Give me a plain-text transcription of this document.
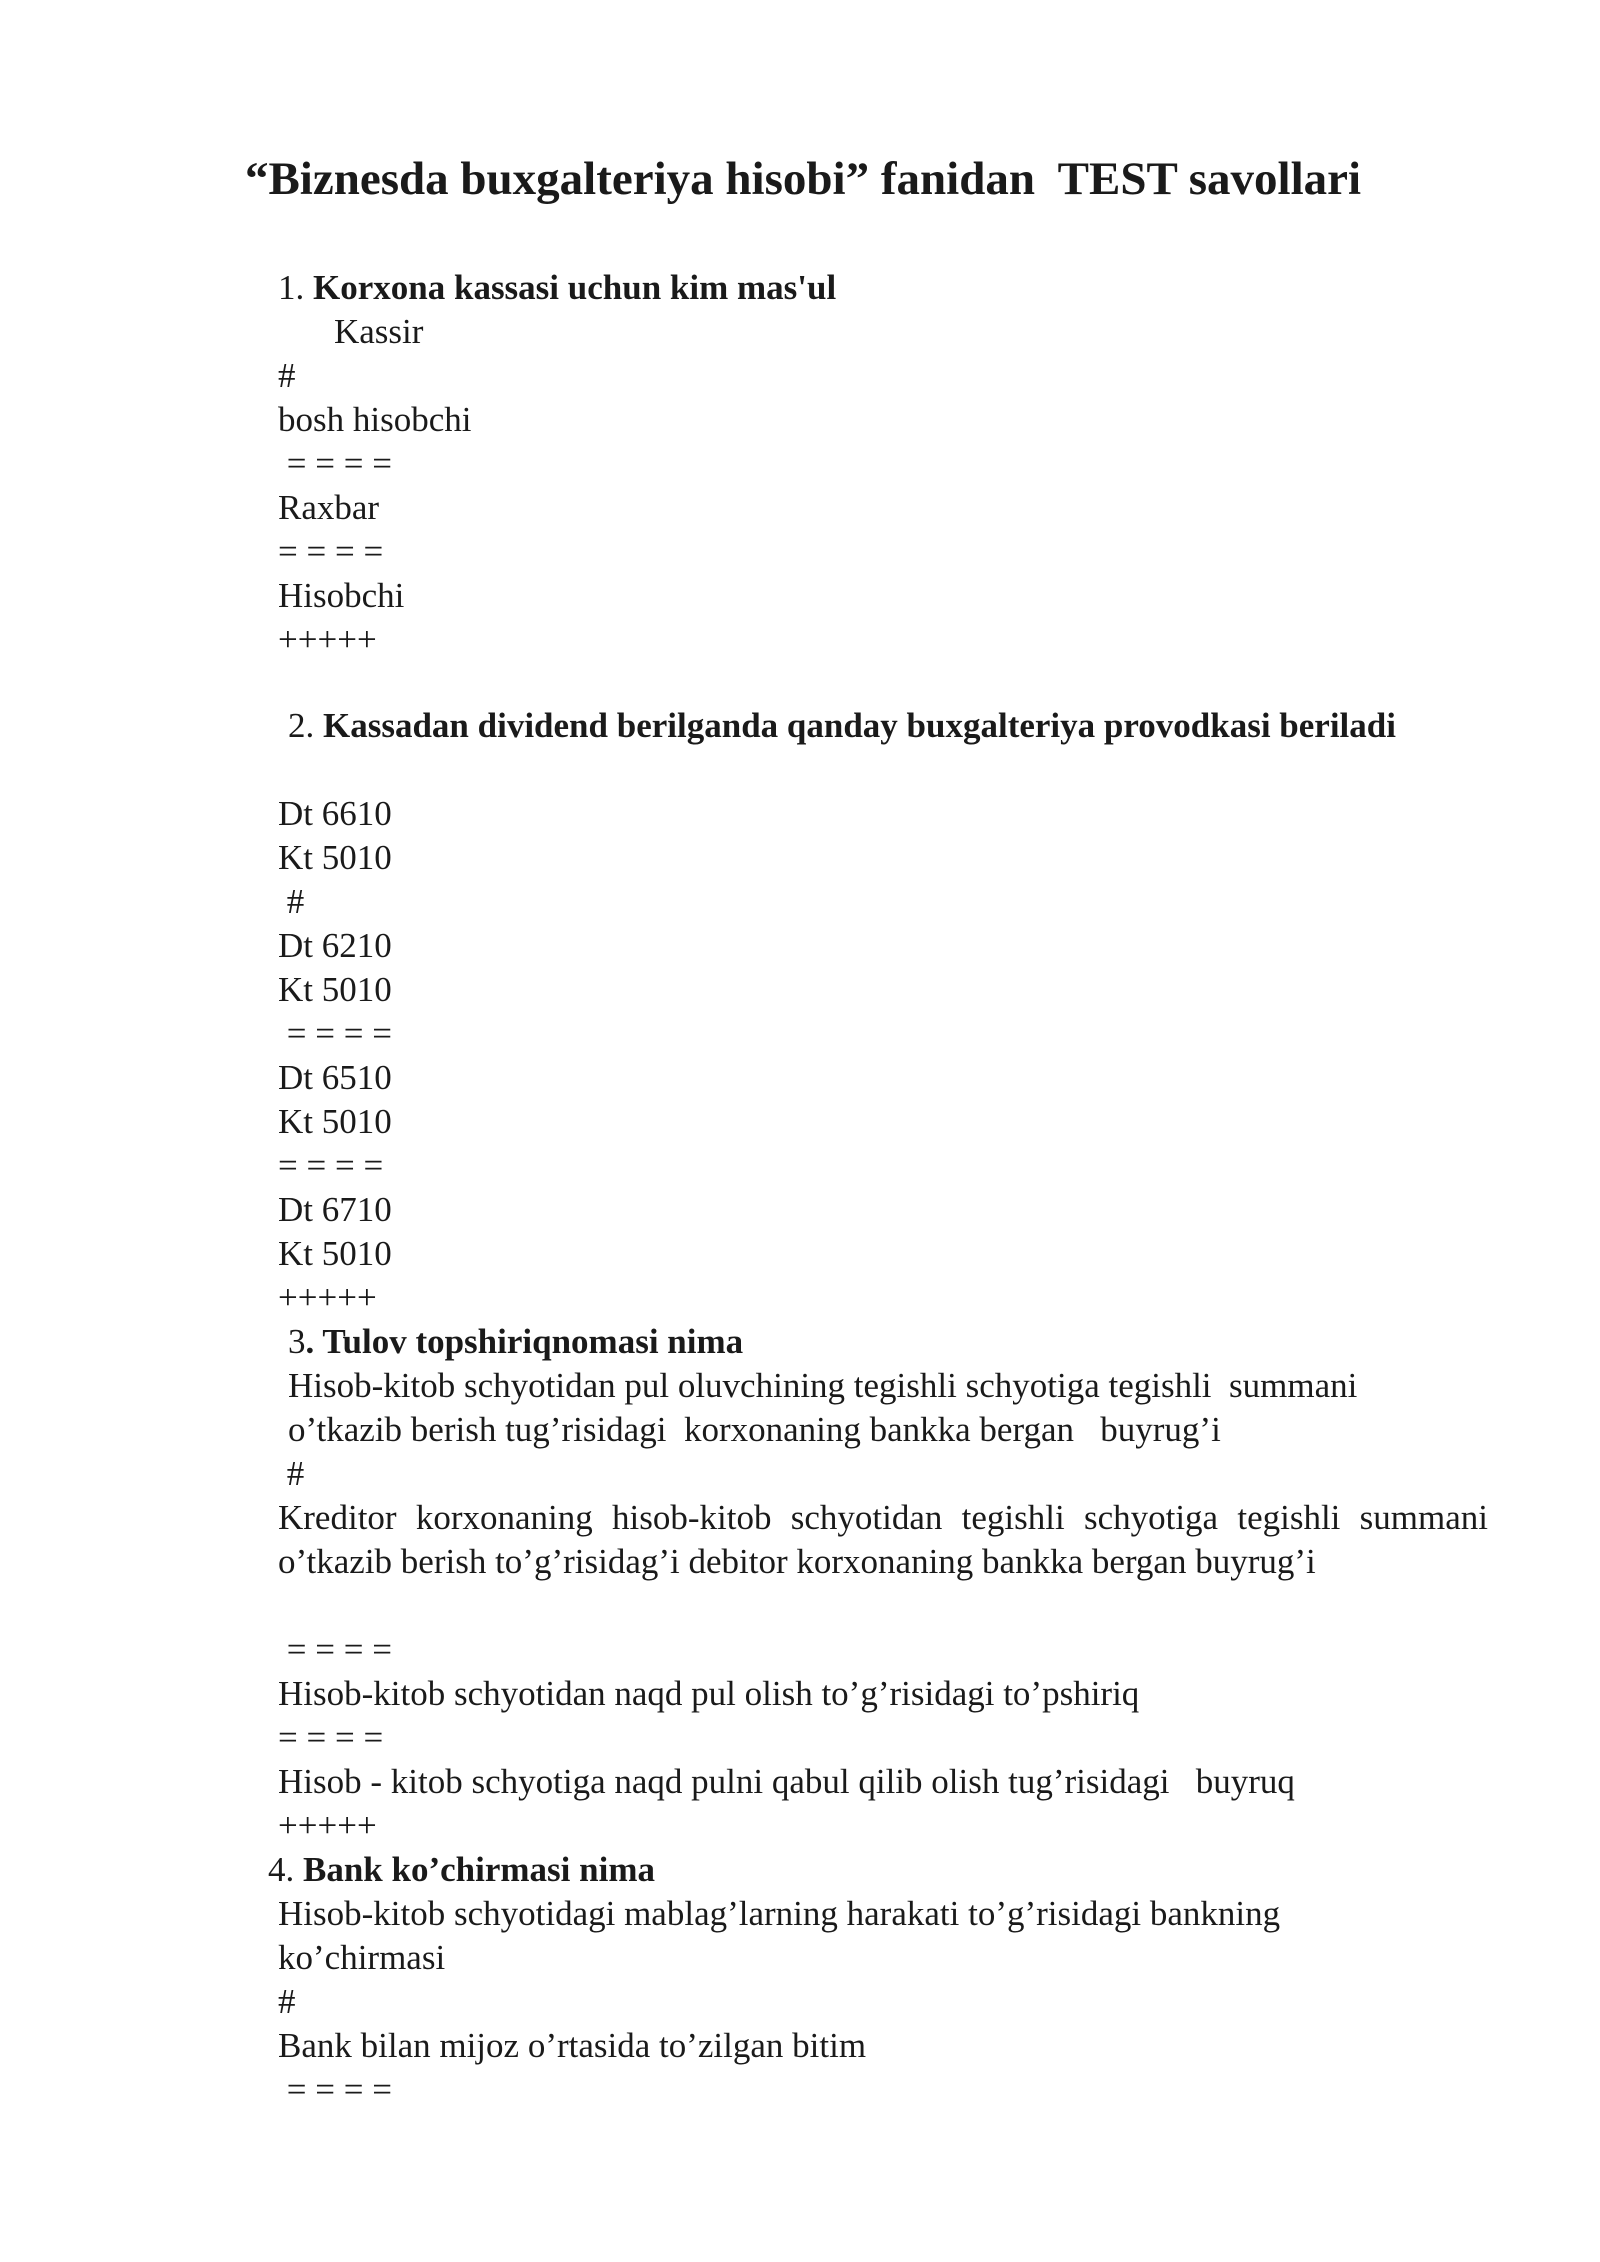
“Biznesda buxgalteriya hisobi” fanidan  TEST savollari
1. Korxona kassasi uchun kim mas'ul
Kassir
#
bosh hisobchi
= = = =
Raxbar
= = = =
Hisobchi
+++++
2. Kassadan dividend berilganda qanday buxgalteriya provodkasi beriladi
Dt 6610
Kt 5010
#
Dt 6210
Kt 5010
= = = =
Dt 6510
Kt 5010
= = = =
Dt 6710
Kt 5010
+++++
3. Tulov topshiriqnomasi nima
Hisob-kitob schyotidan pul oluvchining tegishli schyotiga tegishli  summani
o’tkazib berish tug’risidagi  korxonaning bankka bergan   buyrug’i
#
Kreditor korxonaning hisob-kitob schyotidan tegishli schyotiga tegishli summani o’tkazib berish to’g’risidag’i debitor korxonaning bankka bergan buyrug’i
= = = =
Hisob-kitob schyotidan naqd pul olish to’g’risidagi to’pshiriq
= = = =
Hisob - kitob schyotiga naqd pulni qabul qilib olish tug’risidagi   buyruq
+++++
4. Bank ko’chirmasi nima
Hisob-kitob schyotidagi mablag’larning harakati to’g’risidagi bankning
ko’chirmasi
#
Bank bilan mijoz o’rtasida to’zilgan bitim
= = = =
